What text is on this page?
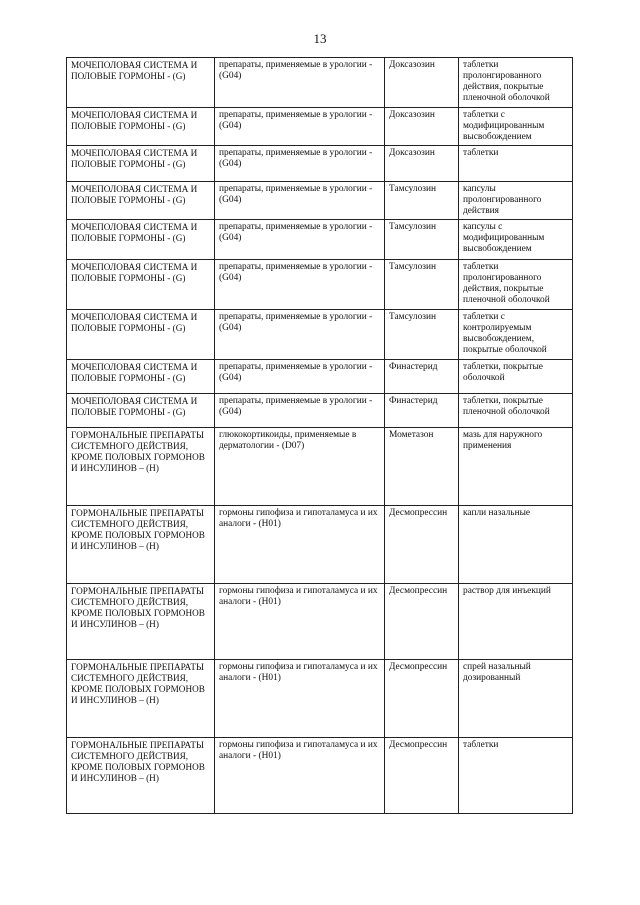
13
МОЧЕПОЛОВАЯ СИСТЕМА И ПОЛОВЫЕ ГОРМОНЫ - (G)	препараты, применяемые в урологии - (G04)	Доксазозин	таблетки пролонгированного действия, покрытые пленочной оболочкой
МОЧЕПОЛОВАЯ СИСТЕМА И ПОЛОВЫЕ ГОРМОНЫ - (G)	препараты, применяемые в урологии - (G04)	Доксазозин	таблетки с модифицированным высвобождением
МОЧЕПОЛОВАЯ СИСТЕМА И ПОЛОВЫЕ ГОРМОНЫ - (G)	препараты, применяемые в урологии - (G04)	Доксазозин	таблетки
МОЧЕПОЛОВАЯ СИСТЕМА И ПОЛОВЫЕ ГОРМОНЫ - (G)	препараты, применяемые в урологии - (G04)	Тамсулозин	капсулы пролонгированного действия
МОЧЕПОЛОВАЯ СИСТЕМА И ПОЛОВЫЕ ГОРМОНЫ - (G)	препараты, применяемые в урологии - (G04)	Тамсулозин	капсулы с модифицированным высвобождением
МОЧЕПОЛОВАЯ СИСТЕМА И ПОЛОВЫЕ ГОРМОНЫ - (G)	препараты, применяемые в урологии - (G04)	Тамсулозин	таблетки пролонгированного действия, покрытые пленочной оболочкой
МОЧЕПОЛОВАЯ СИСТЕМА И ПОЛОВЫЕ ГОРМОНЫ - (G)	препараты, применяемые в урологии - (G04)	Тамсулозин	таблетки с контролируемым высвобождением, покрытые оболочкой
МОЧЕПОЛОВАЯ СИСТЕМА И ПОЛОВЫЕ ГОРМОНЫ - (G)	препараты, применяемые в урологии - (G04)	Финастерид	таблетки, покрытые оболочкой
МОЧЕПОЛОВАЯ СИСТЕМА И ПОЛОВЫЕ ГОРМОНЫ - (G)	препараты, применяемые в урологии - (G04)	Финастерид	таблетки, покрытые пленочной оболочкой
ГОРМОНАЛЬНЫЕ ПРЕПАРАТЫ СИСТЕМНОГО ДЕЙСТВИЯ, КРОМЕ ПОЛОВЫХ ГОРМОНОВ И ИНСУЛИНОВ – (H)	глюкокортикоиды, применяемые в дерматологии - (D07)	Мометазон	мазь для наружного применения
ГОРМОНАЛЬНЫЕ ПРЕПАРАТЫ СИСТЕМНОГО ДЕЙСТВИЯ, КРОМЕ ПОЛОВЫХ ГОРМОНОВ И ИНСУЛИНОВ – (H)	гормоны гипофиза и гипоталамуса и их аналоги - (H01)	Десмопрессин	капли назальные
ГОРМОНАЛЬНЫЕ ПРЕПАРАТЫ СИСТЕМНОГО ДЕЙСТВИЯ, КРОМЕ ПОЛОВЫХ ГОРМОНОВ И ИНСУЛИНОВ – (H)	гормоны гипофиза и гипоталамуса и их аналоги - (H01)	Десмопрессин	раствор для инъекций
ГОРМОНАЛЬНЫЕ ПРЕПАРАТЫ СИСТЕМНОГО ДЕЙСТВИЯ, КРОМЕ ПОЛОВЫХ ГОРМОНОВ И ИНСУЛИНОВ – (H)	гормоны гипофиза и гипоталамуса и их аналоги - (H01)	Десмопрессин	спрей назальный дозированный
ГОРМОНАЛЬНЫЕ ПРЕПАРАТЫ СИСТЕМНОГО ДЕЙСТВИЯ, КРОМЕ ПОЛОВЫХ ГОРМОНОВ И ИНСУЛИНОВ – (H)	гормоны гипофиза и гипоталамуса и их аналоги - (H01)	Десмопрессин	таблетки
